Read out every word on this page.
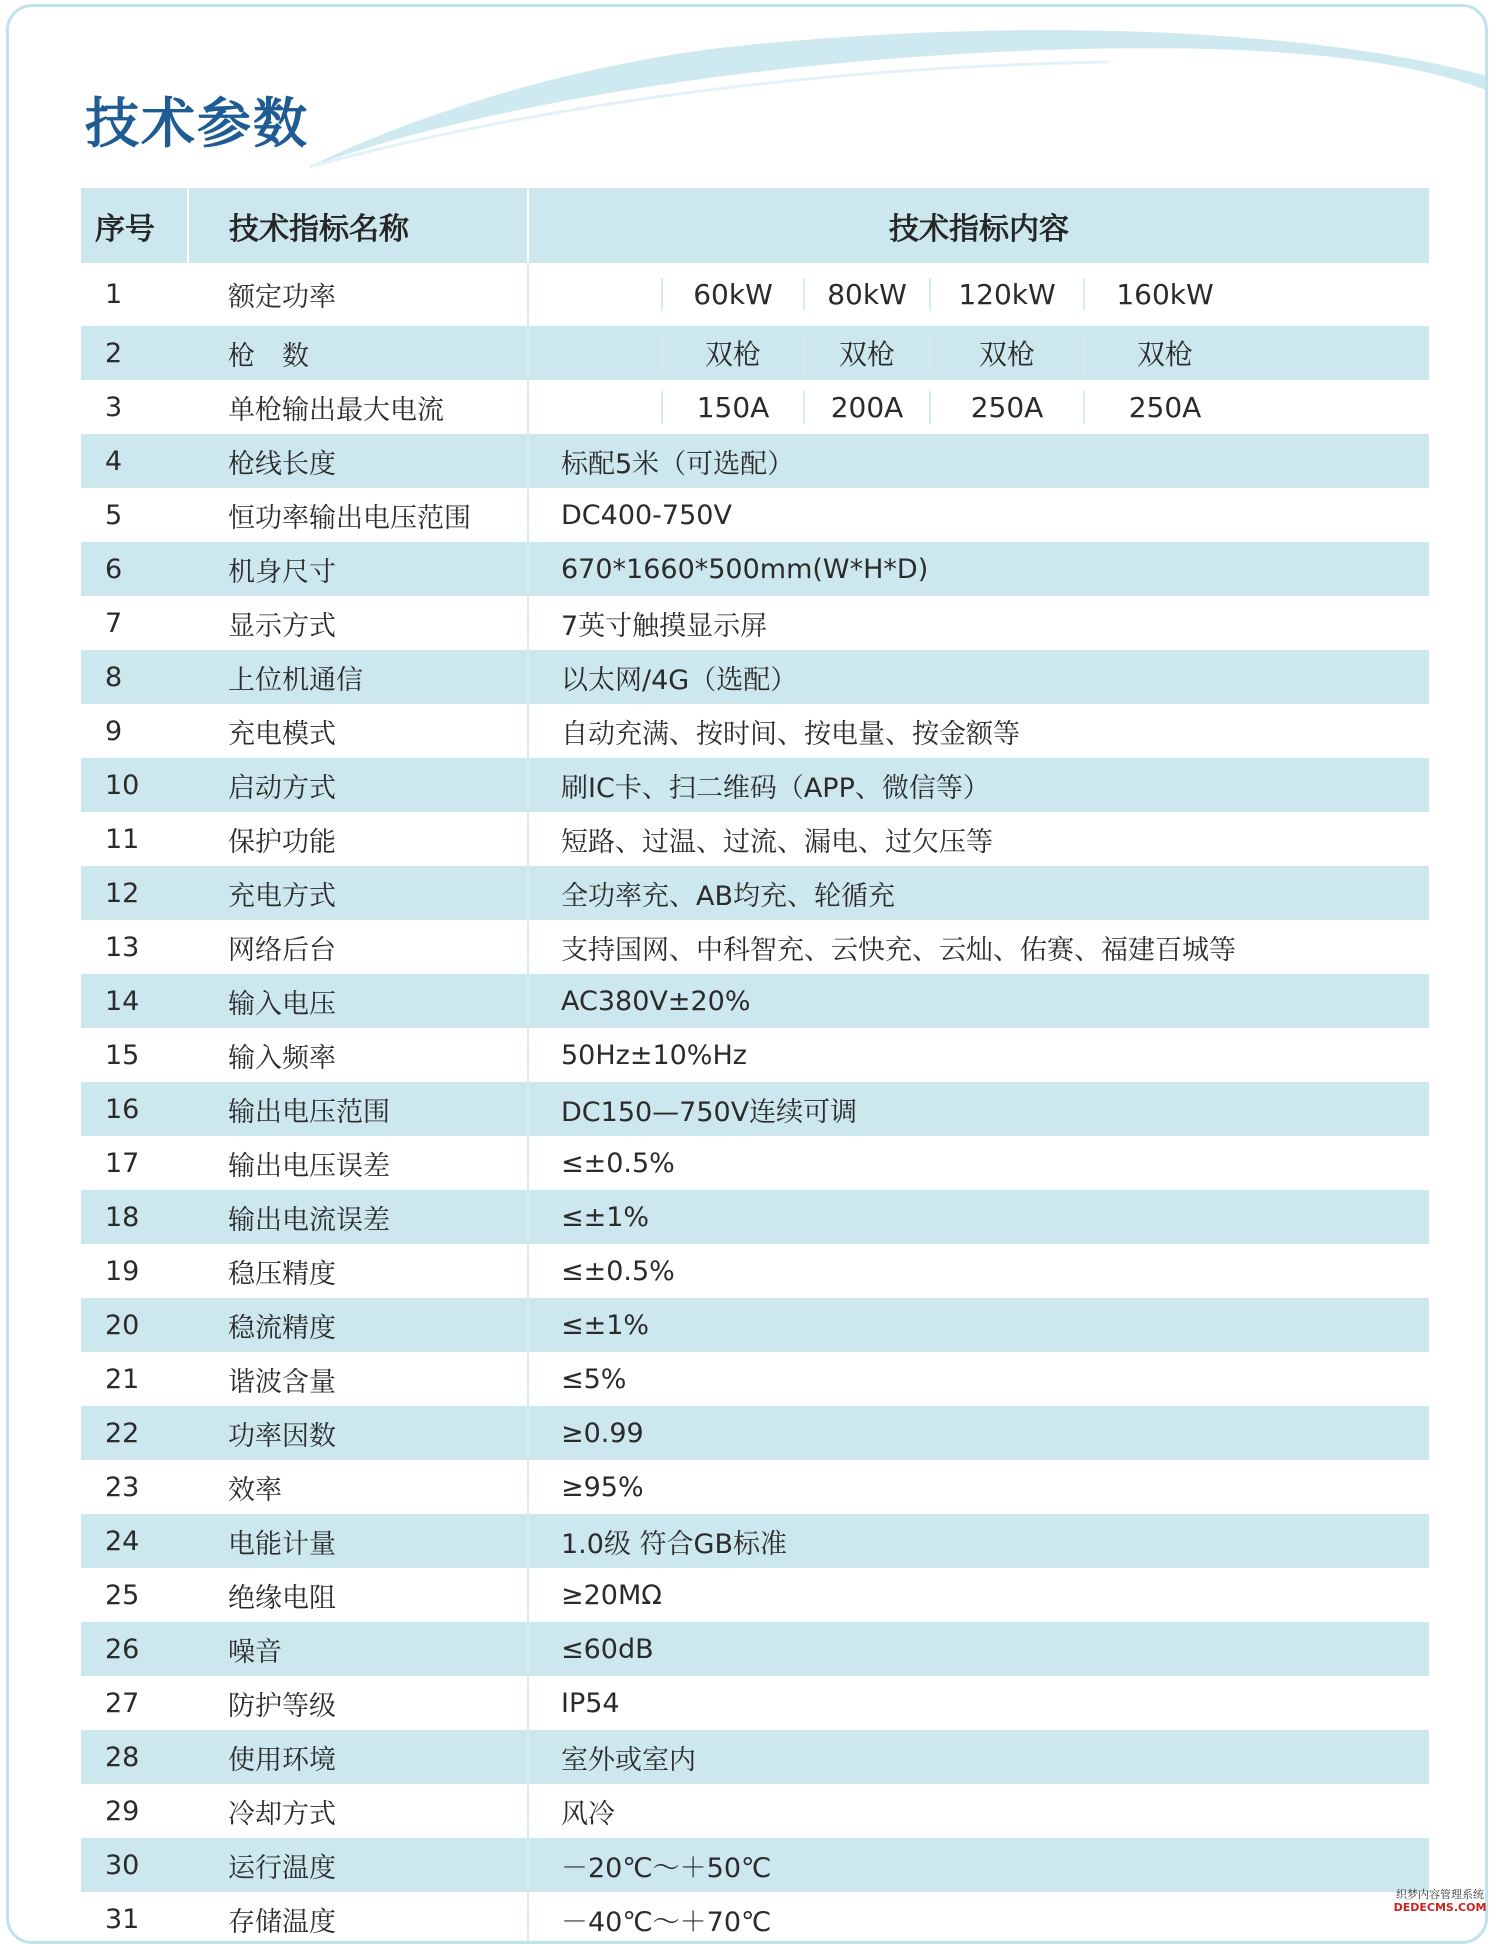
技术参数
序号	技术指标名称	技术指标内容
1	额定功率	60kW 80kW 120kW 160kW

2	枪　数	双枪 双枪 双枪 双枪

3	单枪输出最大电流	150A 200A 250A 250A

4	枪线长度	标配5米（可选配）
5	恒功率输出电压范围	DC400-750V
6	机身尺寸	670*1660*500mm(W*H*D)
7	显示方式	7英寸触摸显示屏
8	上位机通信	以太网/4G（选配）
9	充电模式	自动充满、按时间、按电量、按金额等
10	启动方式	刷IC卡、扫二维码（APP、微信等）
11	保护功能	短路、过温、过流、漏电、过欠压等
12	充电方式	全功率充、AB均充、轮循充
13	网络后台	支持国网、中科智充、云快充、云灿、佑赛、福建百城等
14	输入电压	AC380V±20%
15	输入频率	50Hz±10%Hz
16	输出电压范围	DC150—750V连续可调
17	输出电压误差	≤±0.5%
18	输出电流误差	≤±1%
19	稳压精度	≤±0.5%
20	稳流精度	≤±1%
21	谐波含量	≤5%
22	功率因数	≥0.99
23	效率	≥95%
24	电能计量	1.0级 符合GB标准
25	绝缘电阻	≥20MΩ
26	噪音	≤60dB
27	防护等级	IP54
28	使用环境	室外或室内
29	冷却方式	风冷
30	运行温度	－20℃～＋50℃
31	存储温度	－40℃～＋70℃
织梦内容管理系统
DEDECMS.COM
